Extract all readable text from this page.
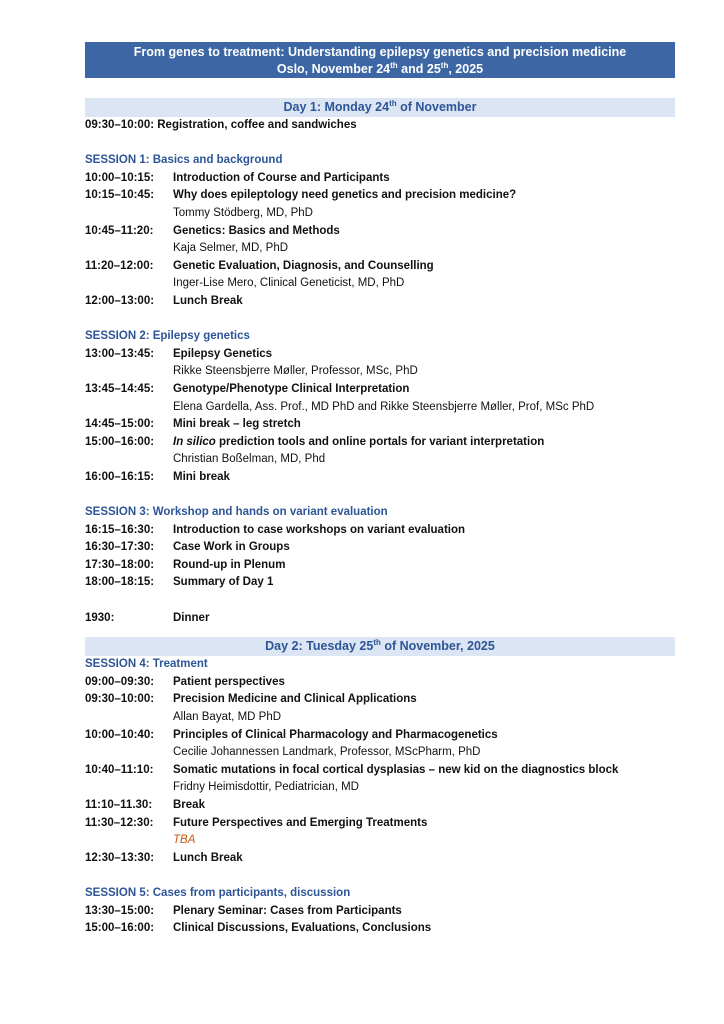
From genes to treatment: Understanding epilepsy genetics and precision medicine
Oslo, November 24th and 25th, 2025
Day 1: Monday 24th of November
09:30–10:00: Registration, coffee and sandwiches
SESSION 1: Basics and background
10:00–10:15:	Introduction of Course and Participants
10:15–10:45:	Why does epileptology need genetics and precision medicine?
Tommy Stödberg, MD, PhD
10:45–11:20:	Genetics: Basics and Methods
Kaja Selmer, MD, PhD
11:20–12:00:	Genetic Evaluation, Diagnosis, and Counselling
Inger-Lise Mero, Clinical Geneticist, MD, PhD
12:00–13:00:	Lunch Break
SESSION 2: Epilepsy genetics
13:00–13:45:	Epilepsy Genetics
Rikke Steensbjerre Møller, Professor, MSc, PhD
13:45–14:45:	Genotype/Phenotype Clinical Interpretation
Elena Gardella, Ass. Prof., MD PhD and Rikke Steensbjerre Møller, Prof, MSc PhD
14:45–15:00:	Mini break – leg stretch
15:00–16:00:	In silico prediction tools and online portals for variant interpretation
Christian Boßelman, MD, Phd
16:00–16:15:	Mini break
SESSION 3: Workshop and hands on variant evaluation
16:15–16:30:	Introduction to case workshops on variant evaluation
16:30–17:30:	Case Work in Groups
17:30–18:00:	Round-up in Plenum
18:00–18:15:	Summary of Day 1
1930:	Dinner
Day 2: Tuesday 25th of November, 2025
SESSION 4: Treatment
09:00–09:30:	Patient perspectives
09:30–10:00:	Precision Medicine and Clinical Applications
Allan Bayat, MD PhD
10:00–10:40:	Principles of Clinical Pharmacology and Pharmacogenetics
Cecilie Johannessen Landmark, Professor, MScPharm, PhD
10:40–11:10:	Somatic mutations in focal cortical dysplasias – new kid on the diagnostics block
Fridny Heimisdottir, Pediatrician, MD
11:10–11.30:	Break
11:30–12:30:	Future Perspectives and Emerging Treatments
TBA
12:30–13:30:	Lunch Break
SESSION 5: Cases from participants, discussion
13:30–15:00:	Plenary Seminar: Cases from Participants
15:00–16:00:	Clinical Discussions, Evaluations, Conclusions
